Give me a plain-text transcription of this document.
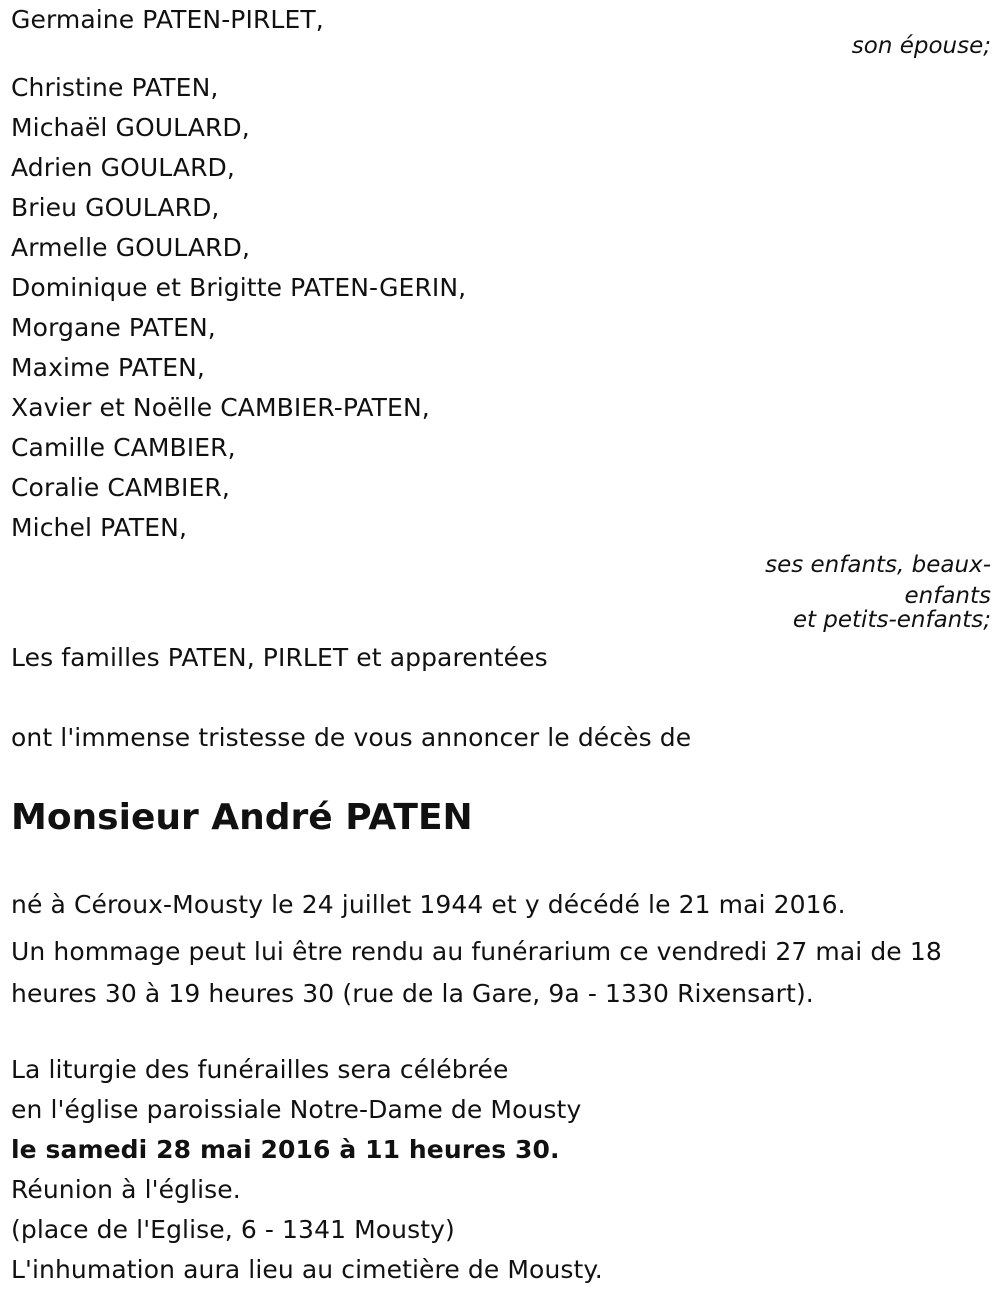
Germaine PATEN-PIRLET,
son épouse;
Christine PATEN,
Michaël GOULARD,
Adrien GOULARD,
Brieu GOULARD,
Armelle GOULARD,
Dominique et Brigitte PATEN-GERIN,
Morgane PATEN,
Maxime PATEN,
Xavier et Noëlle CAMBIER-PATEN,
Camille CAMBIER,
Coralie CAMBIER,
Michel PATEN,
ses enfants, beaux-
enfants
et petits-enfants;
Les familles PATEN, PIRLET et apparentées
ont l'immense tristesse de vous annoncer le décès de
Monsieur André PATEN
né à Céroux-Mousty le 24 juillet 1944 et y décédé le 21 mai 2016.
Un hommage peut lui être rendu au funérarium ce vendredi 27 mai de 18
heures 30 à 19 heures 30 (rue de la Gare, 9a - 1330 Rixensart).
La liturgie des funérailles sera célébrée
en l'église paroissiale Notre-Dame de Mousty
le samedi 28 mai 2016 à 11 heures 30.
Réunion à l'église.
(place de l'Eglise, 6 - 1341 Mousty)
L'inhumation aura lieu au cimetière de Mousty.
